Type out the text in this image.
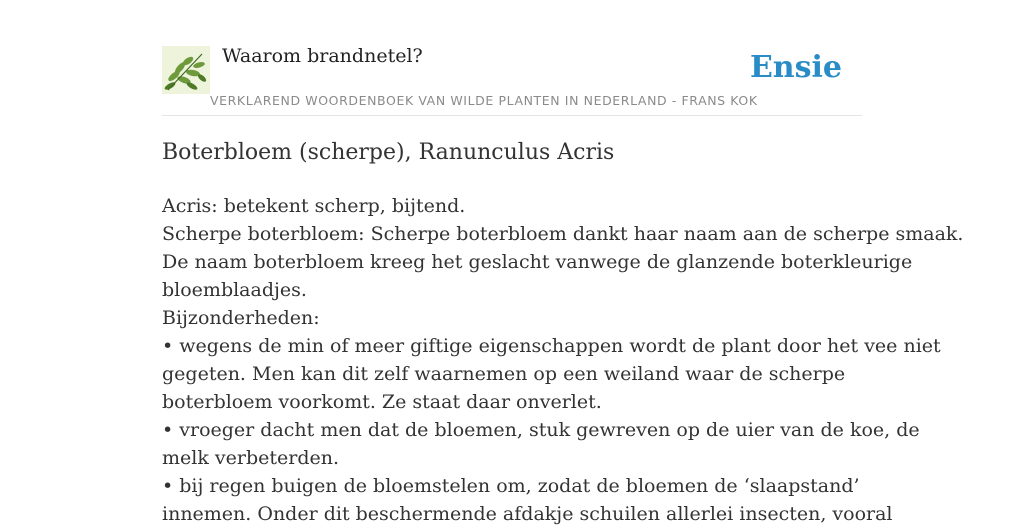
Waarom brandnetel?
VERKLAREND WOORDENBOEK VAN WILDE PLANTEN IN NEDERLAND - FRANS KOK
Ensie
Boterbloem (scherpe), Ranunculus Acris
Acris: betekent scherp, bijtend.
Scherpe boterbloem: Scherpe boterbloem dankt haar naam aan de scherpe smaak.
De naam boterbloem kreeg het geslacht vanwege de glanzende boterkleurige
bloemblaadjes.
Bijzonderheden:
• wegens de min of meer giftige eigenschappen wordt de plant door het vee niet
gegeten. Men kan dit zelf waarnemen op een weiland waar de scherpe
boterbloem voorkomt. Ze staat daar onverlet.
• vroeger dacht men dat de bloemen, stuk gewreven op de uier van de koe, de
melk verbeterden.
• bij regen buigen de bloemstelen om, zodat de bloemen de ‘slaapstand’
innemen. Onder dit beschermende afdakje schuilen allerlei insecten, vooral
